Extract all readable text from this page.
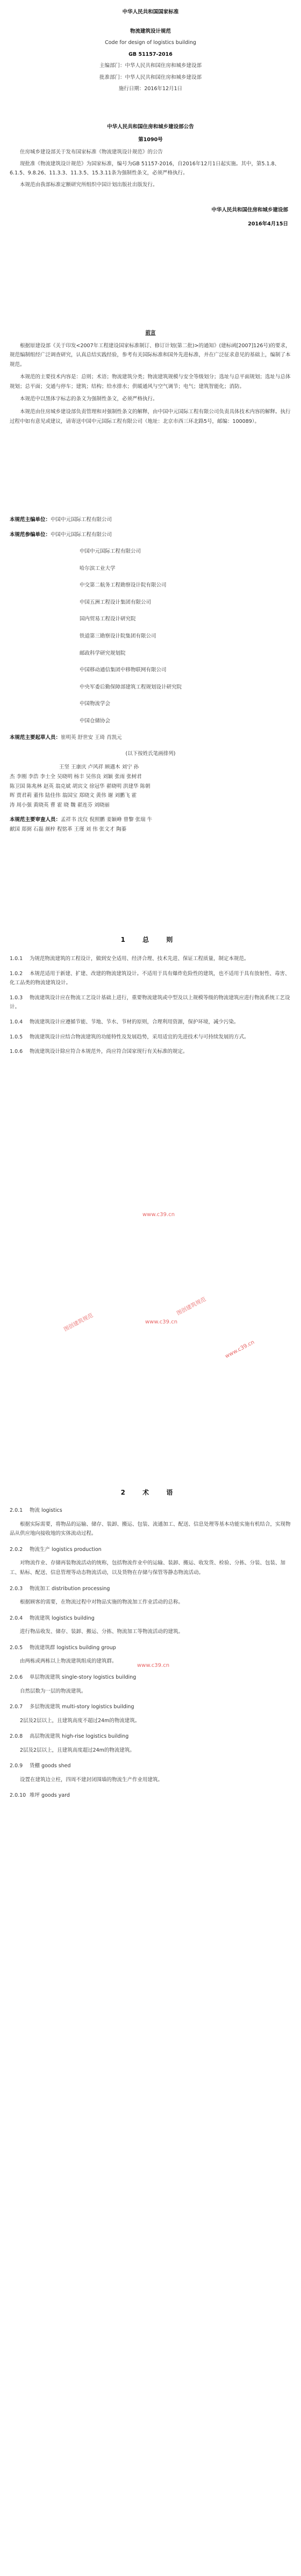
中华人民共和国国家标准

物流建筑设计规范

Code for design of logistics building

GB 51157-2016

主编部门：中华人民共和国住房和城乡建设部

批准部门：中华人民共和国住房和城乡建设部

施行日期：2016年12月1日

中华人民共和国住房和城乡建设部公告

第1090号

住房城乡建设部关于发布国家标准《物流建筑设计规范》的公告

现批准《物流建筑设计规范》为国家标准，编号为GB 51157-2016，自2016年12月1日起实施。其中，第5.1.8、6.1.5、9.8.26、11.3.3、11.3.5、15.3.11条为强制性条文，必须严格执行。

本规范由我部标准定额研究所组织中国计划出版社出版发行。

中华人民共和国住房和城乡建设部

2016年4月15日

前言

根据原建设部《关于印发<2007年工程建设国家标准制订、修订计划(第二批)>的通知》(建标函[2007]126号)的要求，规范编制组经广泛调查研究，认真总结实践经验，参考有关国际标准和国外先进标准，并在广泛征求意见的基础上，编制了本规范。

本规范的主要技术内容是：总则；术语；物流建筑分类；物流建筑规模与安全等级划分；选址与总平面规划；选址与总体规划；总平面；交通与停车；建筑；结构；给水排水；供暖通风与空气调节；电气；建筑智能化；消防。

本规范中以黑体字标志的条文为强制性条文，必须严格执行。

本规范由住房城乡建设部负责管理和对强制性条文的解释，由中国中元国际工程有限公司负责具体技术内容的解释。执行过程中如有意见或建议，请寄送中国中元国际工程有限公司（地址：北京市西三环北路5号，邮编：100089）。

本规范主编单位：中国中元国际工程有限公司

本规范参编单位：中国中元国际工程有限公司

中国中元国际工程有限公司

哈尔滨工业大学

中交第二航务工程勘察设计院有限公司

中国五洲工程设计集团有限公司

国内贸易工程设计研究院

铁道第三勘察设计院集团有限公司

邮政科学研究规划院

中国移动通信集团中移物联网有限公司

中央军委后勤保障部建筑工程规划设计研究院

中国物流学会

中国仓储协会

本规范主要起草人员：崔明英 舒世安 王琦 肖凯元

(以下按姓氏笔画排列)

王坚 王康庆 卢风祥 顾遇木 刘宁 孙

杰 李刚 李浩 李士全 吴晓明 杨丰 吴伟良 刘颖 张雨 张树君

陈卫国 陈兆林 赵英 翁克斌 胡宾文 徐冠华 翟晓明 洪建华 陈朝

晖 贾君莉 董伟 陆佳伟 翁国宝 郑晓文 黄伟 谢 刘鹏飞 霍

涛 周小强 黄晓英 曹 霍 晓 魏 翟连芬 刘晓丽

本规范主要审查人员：孟祥书 沈仪 倪照鹏 姜颖峰 曾黎 张瑞 牛

献国 郑弼 石磊 颜梓 程铭革 王瑾 刘 伟 张文才 陶蓁

1 总 则

1.0.1 为规范物流建筑的工程设计，做到安全适用、经济合理、技术先进、保证工程质量，制定本规范。

1.0.2 本规范适用于新建、扩建、改建的物流建筑设计。不适用于具有爆炸危险性的建筑，也不适用于具有放射性、毒害、化工品类的物流建筑设计。

1.0.3 物流建筑设计应在物流工艺设计基础上进行，重要物流建筑或中型及以上规模等级的物流建筑应进行物流系统工艺设计。

1.0.4 物流建筑设计应遵循节能、节地、节水、节材的原则，合理利用资源，保护环境，减少污染。

1.0.5 物流建筑设计应结合物流建筑的功能特性及发展趋势，采用适宜的先进技术与可持续发展的方式。

1.0.6 物流建筑设计除应符合本规范外，尚应符合国家现行有关标准的规定。

www.c39.cn
图创建筑规范	www.c39.cn
图创建筑规范
www.c39.cn

2 术 语

2.0.1 物流 logistics

根据实际需要，将物品的运输、储存、装卸、搬运、包装、流通加工、配送、信息处理等基本功能实施有机结合，实现物品从供应地向接收地的实体流动过程。

2.0.2 物流生产 logistics production

对物流作业、存储再装物流活动的统称，包括物流作业中的运输、装卸、搬运、收发货、检验、分拣、分装、包装、加工、贴标、配送、信息管理等动态物流活动，以及货物在存储与保管等静态物流活动。

2.0.3 物流加工 distribution processing

根据顾客的需要，在物流过程中对物品实施的物流加工作业活动的总称。

2.0.4 物流建筑 logistics building

进行物品收发、储存、装卸、搬运、分拣、物流加工等物流活动的建筑。

2.0.5 物流建筑群 logistics building group

由两栋或两栋以上物流建筑组成的建筑群。

2.0.6 单层物流建筑 single-story logistics building

自然层数为一层的物流建筑。

2.0.7 多层物流建筑 multi-story logistics building

2层及2层以上，且建筑高度不超过24m的物流建筑。

2.0.8 高层物流建筑 high-rise logistics building

2层及2层以上，且建筑高度超过24m的物流建筑。

2.0.9 货棚 goods shed

设置在建筑边立柱，四周不建封闭围墙的物流生产作业用建筑。

2.0.10 堆坪 goods yard

www.c39.cn
